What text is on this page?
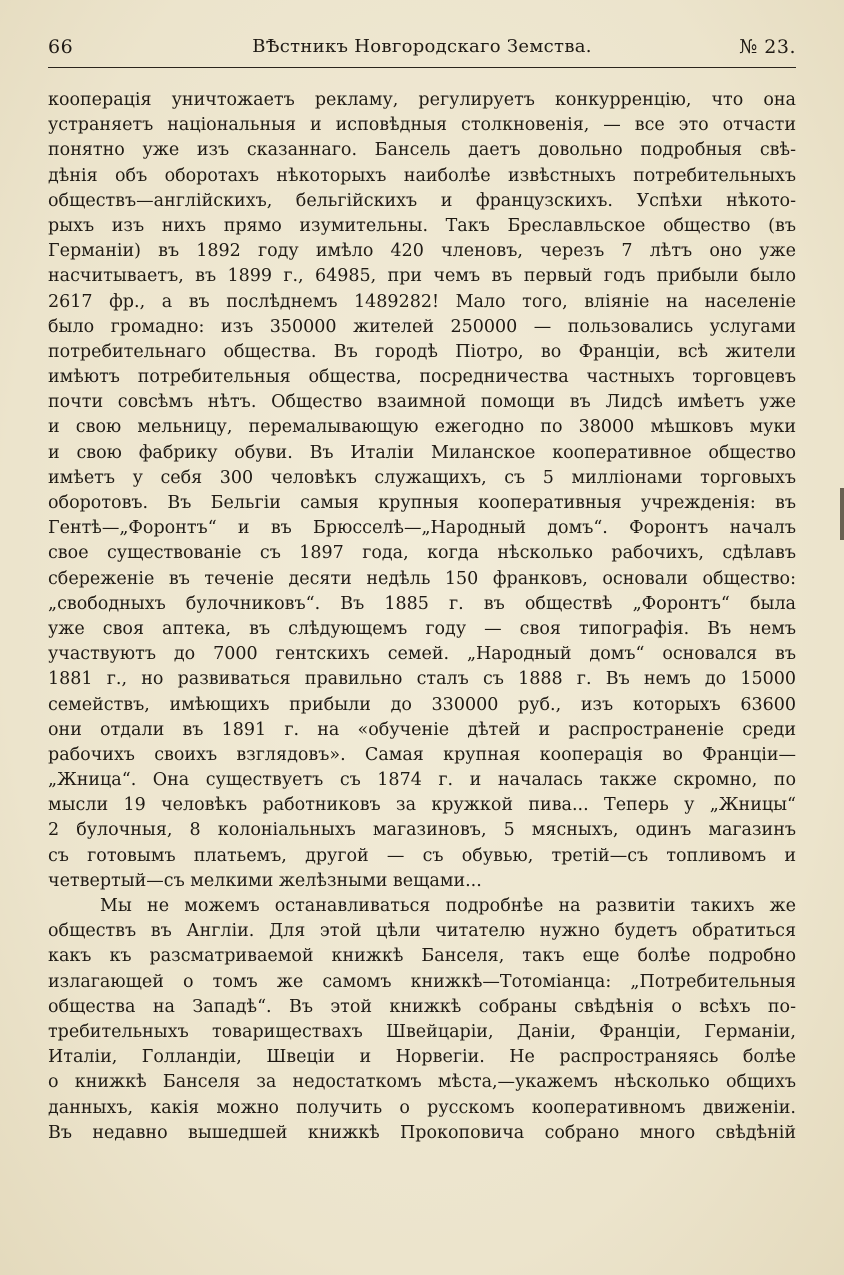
66	ВѢстникъ Новгородскаго Земства.	№ 23.
кооперація уничтожаетъ рекламу, регулируетъ конкурренцію, что она
устраняетъ національныя и исповѣдныя столкновенія, — все это отчасти
понятно уже изъ сказаннаго. Бансель даетъ довольно подробныя свѣ-
дѣнія объ оборотахъ нѣкоторыхъ наиболѣе извѣстныхъ потребительныхъ
обществъ—англійскихъ, бельгійскихъ и французскихъ. Успѣхи нѣкото-
рыхъ изъ нихъ прямо изумительны. Такъ Бреславльское общество (въ
Германіи) въ 1892 году имѣло 420 членовъ, черезъ 7 лѣтъ оно уже
насчитываетъ, въ 1899 г., 64985, при чемъ въ первый годъ прибыли было
2617 фр., а въ послѣднемъ 1489282! Мало того, вліяніе на населеніе
было громадно: изъ 350000 жителей 250000 — пользовались услугами
потребительнаго общества. Въ городѣ Піотро, во Франціи, всѣ жители
имѣютъ потребительныя общества, посредничества частныхъ торговцевъ
почти совсѣмъ нѣтъ. Общество взаимной помощи въ Лидсѣ имѣетъ уже
и свою мельницу, перемалывающую ежегодно по 38000 мѣшковъ муки
и свою фабрику обуви. Въ Италіи Миланское кооперативное общество
имѣетъ у себя 300 человѣкъ служащихъ, съ 5 милліонами торговыхъ
оборотовъ. Въ Бельгіи самыя крупныя кооперативныя учрежденія: въ
Гентѣ—„Форонтъ“ и въ Брюсселѣ—„Народный домъ“. Форонтъ началъ
свое существованіе съ 1897 года, когда нѣсколько рабочихъ, сдѣлавъ
сбереженіе въ теченіе десяти недѣль 150 франковъ, основали общество:
„свободныхъ булочниковъ“. Въ 1885 г. въ обществѣ „Форонтъ“ была
уже своя аптека, въ слѣдующемъ году — своя типографія. Въ немъ
участвуютъ до 7000 гентскихъ семей. „Народный домъ“ основался въ
1881 г., но развиваться правильно сталъ съ 1888 г. Въ немъ до 15000
семействъ, имѣющихъ прибыли до 330000 руб., изъ которыхъ 63600
они отдали въ 1891 г. на «обученіе дѣтей и распространеніе среди
рабочихъ своихъ взглядовъ». Самая крупная кооперація во Франціи—
„Жница“. Она существуетъ съ 1874 г. и началась также скромно, по
мысли 19 человѣкъ работниковъ за кружкой пива... Теперь у „Жницы“
2 булочныя, 8 колоніальныхъ магазиновъ, 5 мясныхъ, одинъ магазинъ
съ готовымъ платьемъ, другой — съ обувью, третій—съ топливомъ и
четвертый—съ мелкими желѣзными вещами...
Мы не можемъ останавливаться подробнѣе на развитіи такихъ же
обществъ въ Англіи. Для этой цѣли читателю нужно будетъ обратиться
какъ къ разсматриваемой книжкѣ Банселя, такъ еще болѣе подробно
излагающей о томъ же самомъ книжкѣ—Тотоміанца: „Потребительныя
общества на Западѣ“. Въ этой книжкѣ собраны свѣдѣнія о всѣхъ по-
требительныхъ товариществахъ Швейцаріи, Даніи, Франціи, Германіи,
Италіи, Голландіи, Швеціи и Норвегіи. Не распространяясь болѣе
о книжкѣ Банселя за недостаткомъ мѣста,—укажемъ нѣсколько общихъ
данныхъ, какія можно получить о русскомъ кооперативномъ движеніи.
Въ недавно вышедшей книжкѣ Прокоповича собрано много свѣдѣній
